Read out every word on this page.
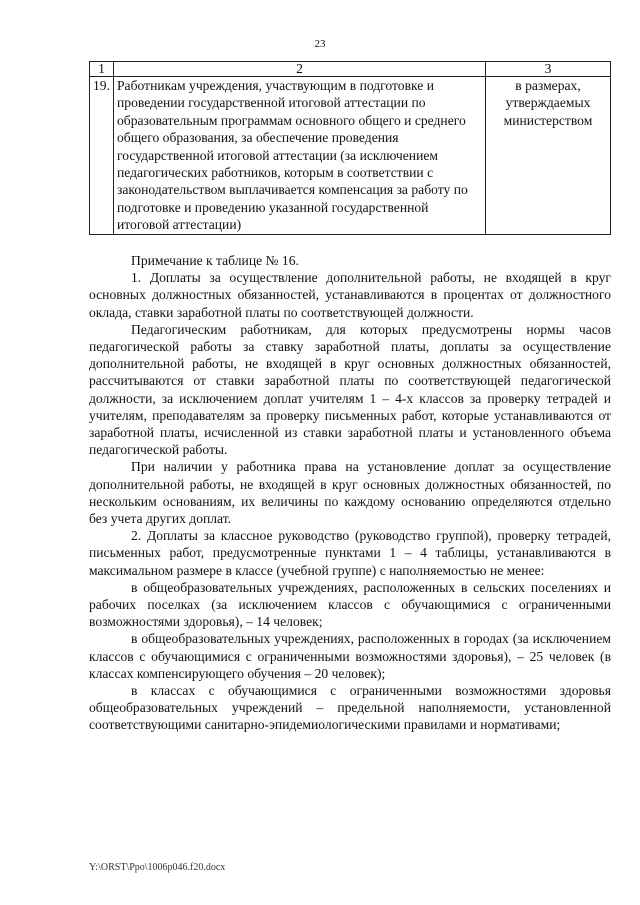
23
1	2	3
19.	Работникам учреждения, участвующим в подготовке и проведении государственной итоговой аттестации по образовательным программам основного общего и среднего общего образования, за обеспечение проведения государственной итоговой аттестации (за исключением педагогических работников, которым в соответствии с законодательством выплачивается компенсация за работу по подготовке и проведению указанной государственной итоговой аттестации)	в размерах, утверждаемых министерством

Примечание к таблице № 16.

1. Доплаты за осуществление дополнительной работы, не входящей в круг основных должностных обязанностей, устанавливаются в процентах от должностного оклада, ставки заработной платы по соответствующей должности.

Педагогическим работникам, для которых предусмотрены нормы часов педагогической работы за ставку заработной платы, доплаты за осуществление дополнительной работы, не входящей в круг основных должностных обязанностей, рассчитываются от ставки заработной платы по соответствующей педагогической должности, за исключением доплат учителям 1 – 4-х классов за проверку тетрадей и учителям, преподавателям за проверку письменных работ, которые устанавливаются от заработной платы, исчисленной из ставки заработной платы и установленного объема педагогической работы.

При наличии у работника права на установление доплат за осуществление дополнительной работы, не входящей в круг основных должностных обязанностей, по нескольким основаниям, их величины по каждому основанию определяются отдельно без учета других доплат.

2. Доплаты за классное руководство (руководство группой), проверку тетрадей, письменных работ, предусмотренные пунктами 1 – 4 таблицы, устанавливаются в максимальном размере в классе (учебной группе) с наполняемостью не менее:

в общеобразовательных учреждениях, расположенных в сельских поселениях и рабочих поселках (за исключением классов с обучающимися с ограниченными возможностями здоровья), – 14 человек;

в общеобразовательных учреждениях, расположенных в городах (за исключением классов с обучающимися с ограниченными возможностями здоровья), – 25 человек (в классах компенсирующего обучения – 20 человек);

в классах с обучающимися с ограниченными возможностями здоровья общеобразовательных учреждений – предельной наполняемости, установленной соответствующими санитарно-эпидемиологическими правилами и нормативами;

Y:\ORST\Ppo\1006p046.f20.docx
